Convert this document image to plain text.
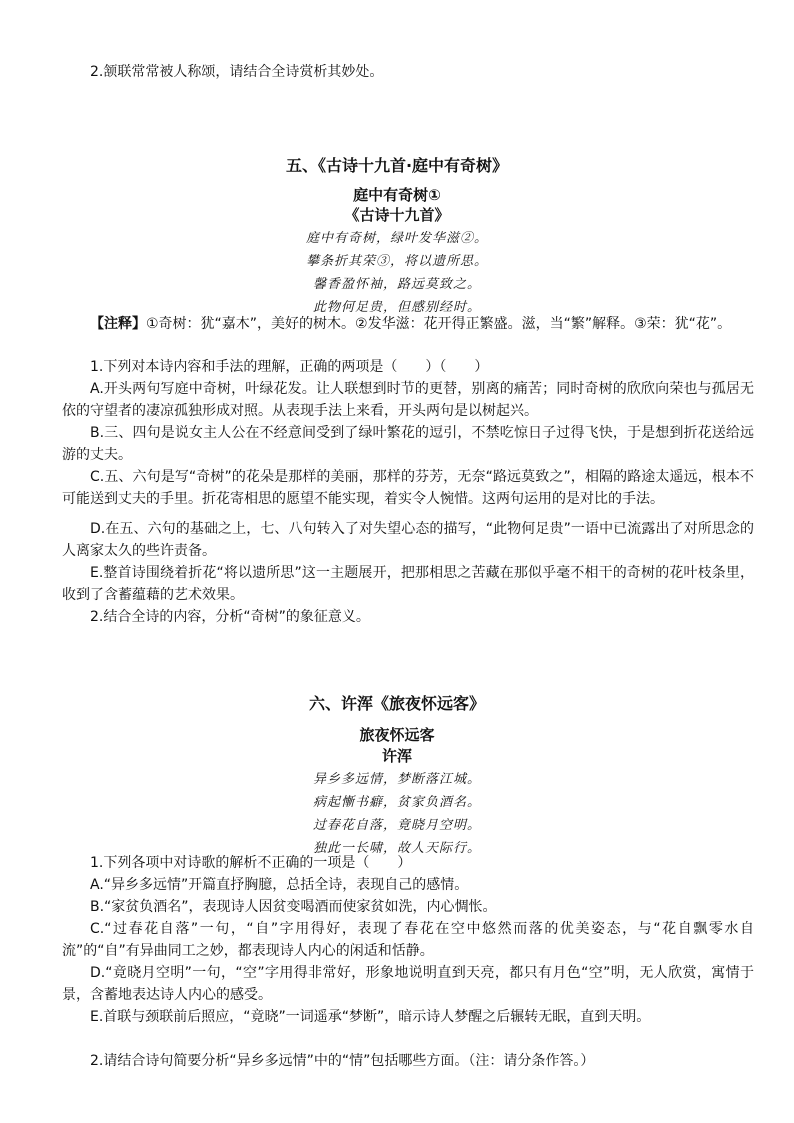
2.颔联常常被人称颂，请结合全诗赏析其妙处。
五、《古诗十九首·庭中有奇树》
庭中有奇树①
《古诗十九首》
庭中有奇树，绿叶发华滋②。
攀条折其荣③，将以遗所思。
馨香盈怀袖，路远莫致之。
此物何足贵，但感别经时。
【注释】①奇树：犹“嘉木”，美好的树木。②发华滋：花开得正繁盛。滋，当“繁”解释。③荣：犹“花”。
1.下列对本诗内容和手法的理解，正确的两项是（　　）（　　）
A.开头两句写庭中奇树，叶绿花发。让人联想到时节的更替，别离的痛苦；同时奇树的欣欣向荣也与孤居无依的守望者的凄凉孤独形成对照。从表现手法上来看，开头两句是以树起兴。
B.三、四句是说女主人公在不经意间受到了绿叶繁花的逗引，不禁吃惊日子过得飞快，于是想到折花送给远游的丈夫。
C.五、六句是写“奇树”的花朵是那样的美丽，那样的芬芳，无奈“路远莫致之”，相隔的路途太遥远，根本不可能送到丈夫的手里。折花寄相思的愿望不能实现，着实令人惋惜。这两句运用的是对比的手法。
D.在五、六句的基础之上，七、八句转入了对失望心态的描写，“此物何足贵”一语中已流露出了对所思念的人离家太久的些许责备。
E.整首诗围绕着折花“将以遗所思”这一主题展开，把那相思之苦藏在那似乎毫不相干的奇树的花叶枝条里，收到了含蓄蕴藉的艺术效果。
2.结合全诗的内容，分析“奇树”的象征意义。
六、许浑《旅夜怀远客》
旅夜怀远客
许浑
异乡多远情，梦断落江城。
病起慚书癖，贫家负酒名。
过春花自落，竟晓月空明。
独此一长啸，故人天际行。
1.下列各项中对诗歌的解析不正确的一项是（　　）
A.“异乡多远情”开篇直抒胸臆，总括全诗，表现自己的感情。
B.“家贫负酒名”，表现诗人因贫变喝酒而使家贫如洗，内心惆怅。
C.“过春花自落”一句，“自”字用得好，表现了春花在空中悠然而落的优美姿态，与“花自飘零水自流”的“自”有异曲同工之妙，都表现诗人内心的闲适和恬静。
D.“竟晓月空明”一句，“空”字用得非常好，形象地说明直到天亮，都只有月色“空”明，无人欣赏，寓情于景，含蓄地表达诗人内心的感受。
E.首联与颈联前后照应，“竟晓”一词遥承“梦断”，暗示诗人梦醒之后辗转无眠，直到天明。
2.请结合诗句简要分析“异乡多远情”中的“情”包括哪些方面。（注：请分条作答。）
